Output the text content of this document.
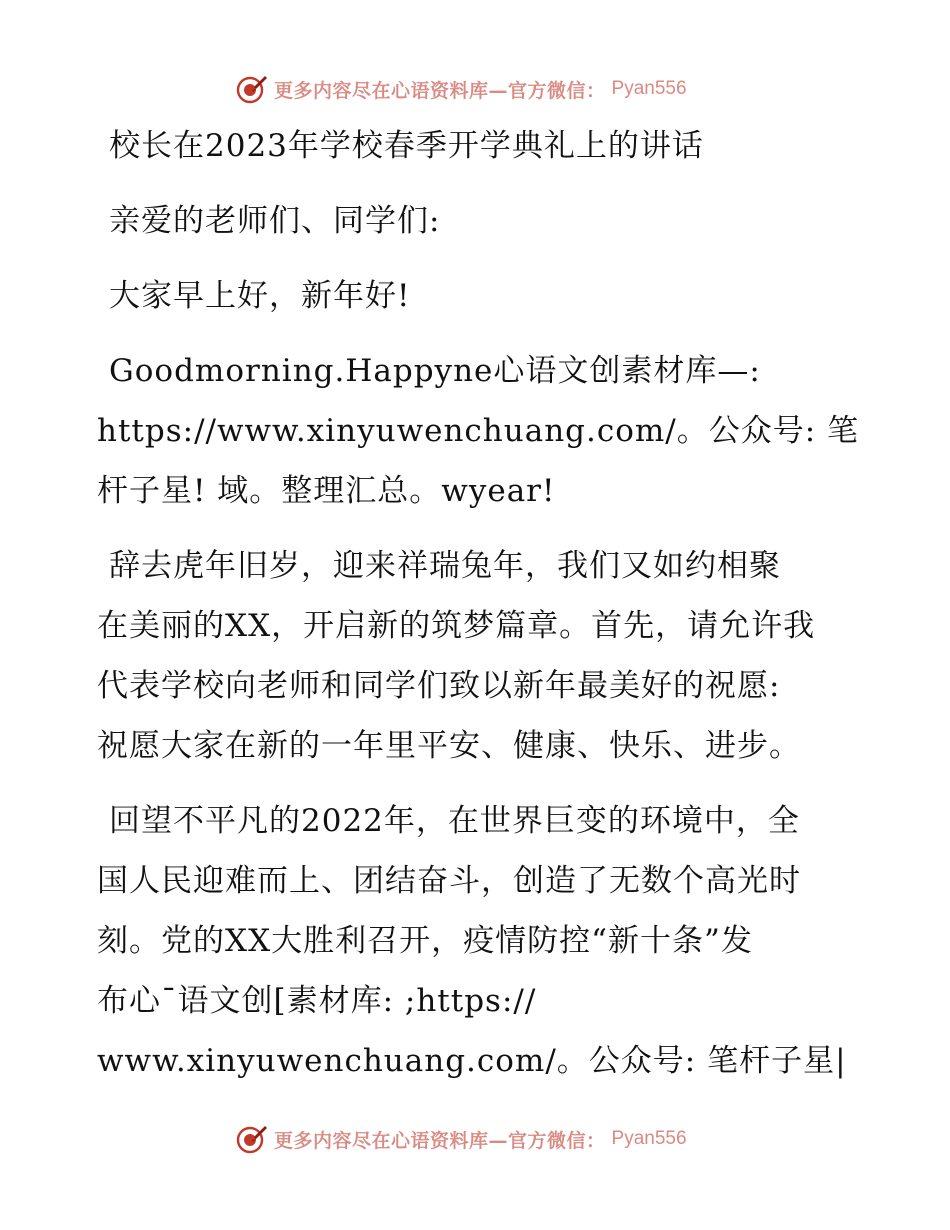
更多内容尽在心语资料库—官方微信： Pyan556
校长在2023年学校春季开学典礼上的讲话
亲爱的老师们、同学们:
大家早上好，新年好!
Goodmorning.Happyne心语文创素材库—:
https://www.xinyuwenchuang.com/。公众号: 笔
杆子星! 域。整理汇总。wyear!
辞去虎年旧岁，迎来祥瑞兔年，我们又如约相聚
在美丽的XX，开启新的筑梦篇章。首先，请允许我
代表学校向老师和同学们致以新年最美好的祝愿:
祝愿大家在新的一年里平安、健康、快乐、进步。
回望不平凡的2022年，在世界巨变的环境中，全
国人民迎难而上、团结奋斗，创造了无数个高光时
刻。党的XX大胜利召开，疫情防控“新十条”发
布心¯语文创[素材库: ;https://
www.xinyuwenchuang.com/。公众号: 笔杆子星|
更多内容尽在心语资料库—官方微信： Pyan556
